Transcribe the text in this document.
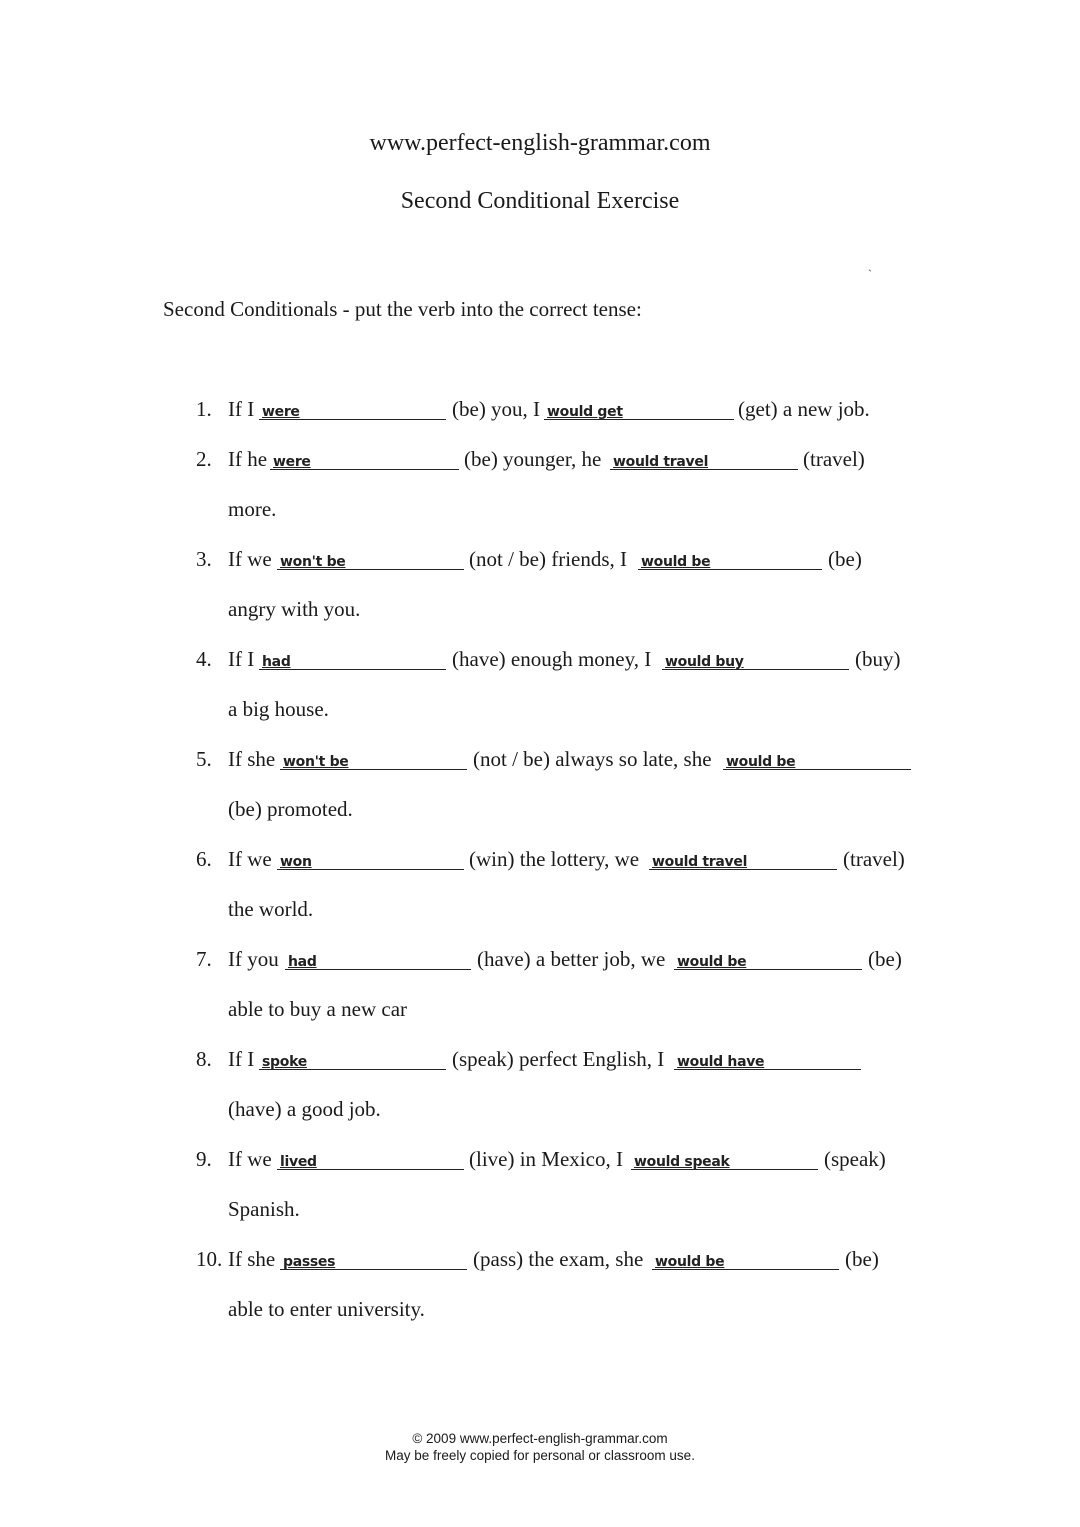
www.perfect-english-grammar.com
Second Conditional Exercise
ˎ
Second Conditionals - put the verb into the correct tense:
1. If I were	(be) you, I would get	(get) a new job.
2. If he were	(be) younger, he would travel	(travel)
more.
3. If we won't be	(not / be) friends, I would be	(be)
angry with you.
4. If I had	(have) enough money, I would buy	(buy)
a big house.
5. If she won't be	(not / be) always so late, she would be
(be) promoted.
6. If we won	(win) the lottery, we would travel	(travel)
the world.
7. If you had	(have) a better job, we would be	(be)
able to buy a new car
8. If I spoke	(speak) perfect English, I would have
(have) a good job.
9. If we lived	(live) in Mexico, I would speak	(speak)
Spanish.
10. If she passes	(pass) the exam, she would be	(be)
able to enter university.
© 2009 www.perfect-english-grammar.com
May be freely copied for personal or classroom use.
